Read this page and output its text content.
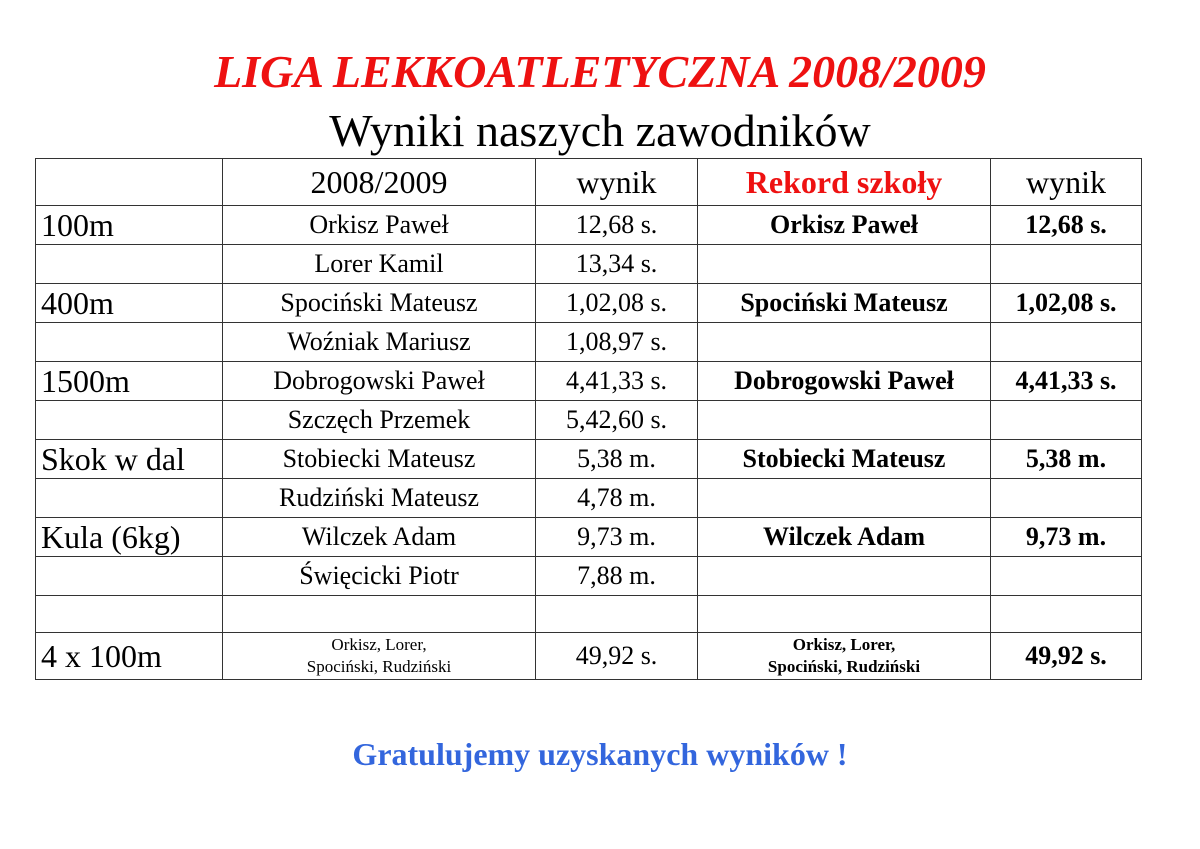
LIGA LEKKOATLETYCZNA 2008/2009
Wyniki naszych zawodników
	2008/2009	wynik	Rekord szkoły	wynik
100m	Orkisz Paweł	12,68 s.	Orkisz Paweł	12,68 s.
	Lorer Kamil	13,34 s.		
400m	Spociński Mateusz	1,02,08 s.	Spociński Mateusz	1,02,08 s.
	Woźniak Mariusz	1,08,97 s.		
1500m	Dobrogowski Paweł	4,41,33 s.	Dobrogowski Paweł	4,41,33 s.
	Szczęch Przemek	5,42,60 s.		
Skok w dal	Stobiecki Mateusz	5,38 m.	Stobiecki Mateusz	5,38 m.
	Rudziński Mateusz	4,78 m.		
Kula (6kg)	Wilczek Adam	9,73 m.	Wilczek Adam	9,73 m.
	Święcicki Piotr	7,88 m.		

4 x 100m	Orkisz, Lorer,
Spociński, Rudziński	49,92 s.	Orkisz, Lorer,
Spociński, Rudziński	49,92 s.
Gratulujemy uzyskanych wyników !
